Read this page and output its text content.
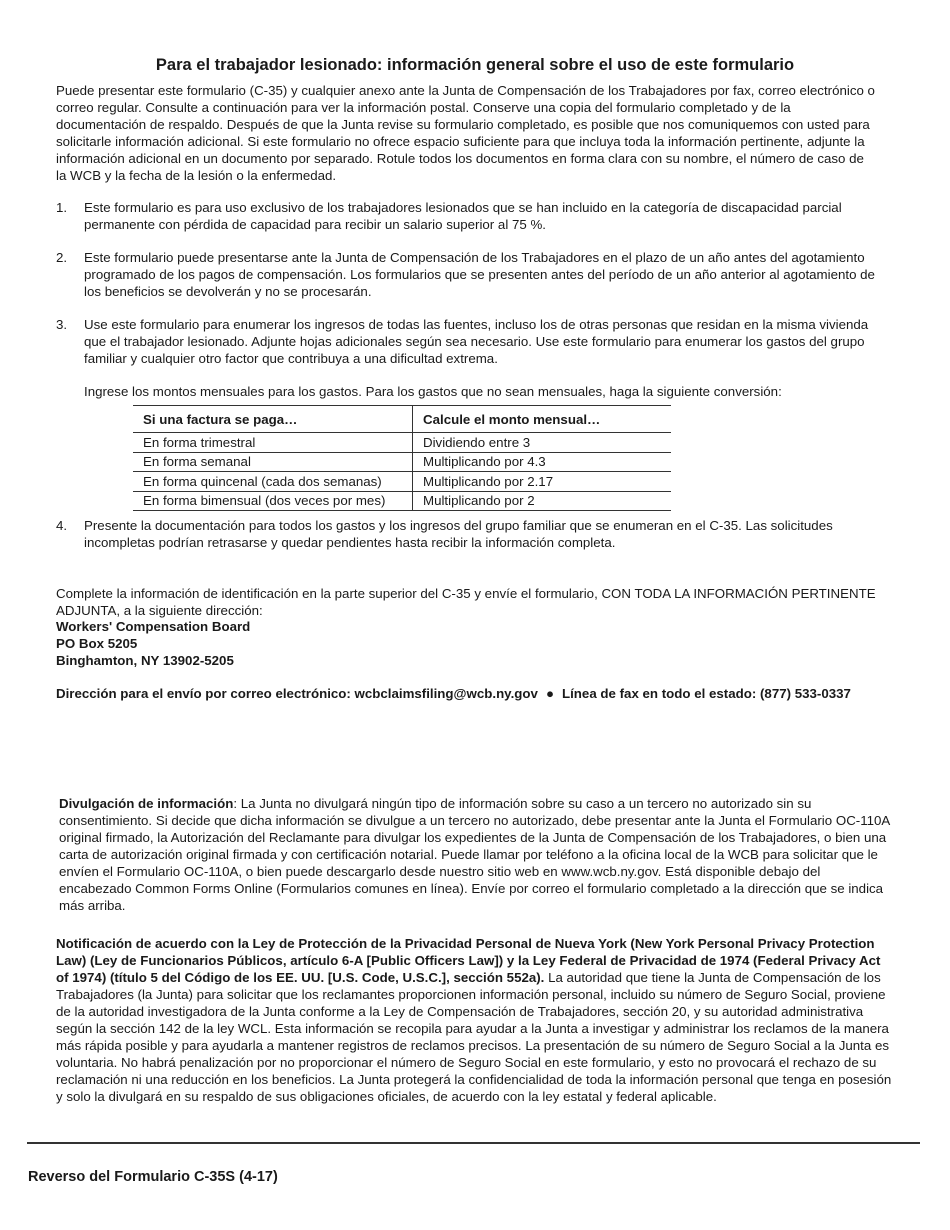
Para el trabajador lesionado: información general sobre el uso de este formulario

Puede presentar este formulario (C-35) y cualquier anexo ante la Junta de Compensación de los Trabajadores por fax, correo electrónico o correo regular. Consulte a continuación para ver la información postal. Conserve una copia del formulario completado y de la documentación de respaldo. Después de que la Junta revise su formulario completado, es posible que nos comuniquemos con usted para solicitarle información adicional. Si este formulario no ofrece espacio suficiente para que incluya toda la información pertinente, adjunte la información adicional en un documento por separado. Rotule todos los documentos en forma clara con su nombre, el número de caso de la WCB y la fecha de la lesión o la enfermedad.

1.	Este formulario es para uso exclusivo de los trabajadores lesionados que se han incluido en la categoría de discapacidad parcial permanente con pérdida de capacidad para recibir un salario superior al 75 %.
2.	Este formulario puede presentarse ante la Junta de Compensación de los Trabajadores en el plazo de un año antes del agotamiento programado de los pagos de compensación. Los formularios que se presenten antes del período de un año anterior al agotamiento de los beneficios se devolverán y no se procesarán.
3.	Use este formulario para enumerar los ingresos de todas las fuentes, incluso los de otras personas que residan en la misma vivienda que el trabajador lesionado. Adjunte hojas adicionales según sea necesario. Use este formulario para enumerar los gastos del grupo familiar y cualquier otro factor que contribuya a una dificultad extrema.

Ingrese los montos mensuales para los gastos. Para los gastos que no sean mensuales, haga la siguiente conversión:

Si una factura se paga…	Calcule el monto mensual…
En forma trimestral	Dividiendo entre 3
En forma semanal	Multiplicando por 4.3
En forma quincenal (cada dos semanas)	Multiplicando por 2.17
En forma bimensual (dos veces por mes)	Multiplicando por 2
4.	Presente la documentación para todos los gastos y los ingresos del grupo familiar que se enumeran en el C-35. Las solicitudes incompletas podrían retrasarse y quedar pendientes hasta recibir la información completa.

Complete la información de identificación en la parte superior del C-35 y envíe el formulario, CON TODA LA INFORMACIÓN PERTINENTE ADJUNTA, a la siguiente dirección:

Workers' Compensation Board
PO Box 5205
Binghamton, NY 13902-5205
Dirección para el envío por correo electrónico: wcbclaimsfiling@wcb.ny.gov ● Línea de fax en todo el estado: (877) 533-0337

Divulgación de información: La Junta no divulgará ningún tipo de información sobre su caso a un tercero no autorizado sin su consentimiento. Si decide que dicha información se divulgue a un tercero no autorizado, debe presentar ante la Junta el Formulario OC-110A original firmado, la Autorización del Reclamante para divulgar los expedientes de la Junta de Compensación de los Trabajadores, o bien una carta de autorización original firmada y con certificación notarial. Puede llamar por teléfono a la oficina local de la WCB para solicitar que le envíen el Formulario OC-110A, o bien puede descargarlo desde nuestro sitio web en www.wcb.ny.gov. Está disponible debajo del encabezado Common Forms Online (Formularios comunes en línea). Envíe por correo el formulario completado a la dirección que se indica más arriba.

Notificación de acuerdo con la Ley de Protección de la Privacidad Personal de Nueva York (New York Personal Privacy Protection Law) (Ley de Funcionarios Públicos, artículo 6-A [Public Officers Law]) y la Ley Federal de Privacidad de 1974 (Federal Privacy Act of 1974) (título 5 del Código de los EE. UU. [U.S. Code, U.S.C.], sección 552a). La autoridad que tiene la Junta de Compensación de los Trabajadores (la Junta) para solicitar que los reclamantes proporcionen información personal, incluido su número de Seguro Social, proviene de la autoridad investigadora de la Junta conforme a la Ley de Compensación de Trabajadores, sección 20, y su autoridad administrativa según la sección 142 de la ley WCL. Esta información se recopila para ayudar a la Junta a investigar y administrar los reclamos de la manera más rápida posible y para ayudarla a mantener registros de reclamos precisos. La presentación de su número de Seguro Social a la Junta es voluntaria. No habrá penalización por no proporcionar el número de Seguro Social en este formulario, y esto no provocará el rechazo de su reclamación ni una reducción en los beneficios. La Junta protegerá la confidencialidad de toda la información personal que tenga en posesión y solo la divulgará en su respaldo de sus obligaciones oficiales, de acuerdo con la ley estatal y federal aplicable.

Reverso del Formulario C-35S (4-17)
